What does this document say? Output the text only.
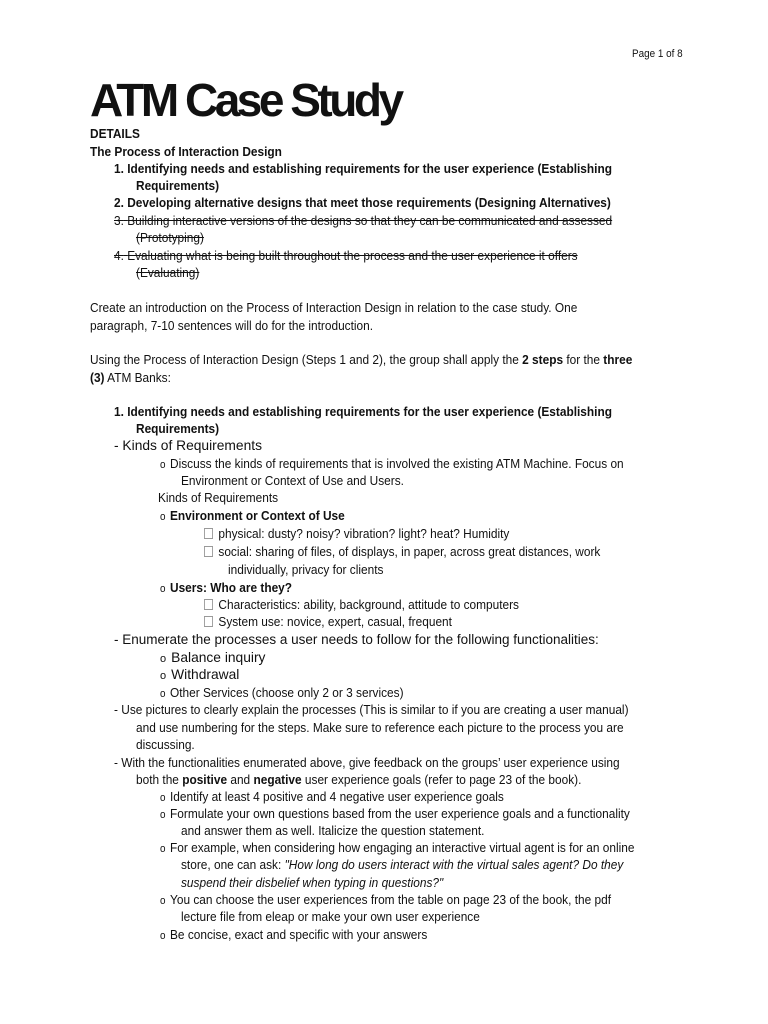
Page 1 of 8
ATM Case Study
DETAILS
The Process of Interaction Design
1. Identifying needs and establishing requirements for the user experience (Establishing
Requirements)
2. Developing alternative designs that meet those requirements (Designing Alternatives)
3. Building interactive versions of the designs so that they can be communicated and assessed
(Prototyping)
4. Evaluating what is being built throughout the process and the user experience it offers
(Evaluating)
Create an introduction on the Process of Interaction Design in relation to the case study. One
paragraph, 7-10 sentences will do for the introduction.
Using the Process of Interaction Design (Steps 1 and 2), the group shall apply the 2 steps for the three
(3) ATM Banks:
1. Identifying needs and establishing requirements for the user experience (Establishing
Requirements)
- Kinds of Requirements
o Discuss the kinds of requirements that is involved the existing ATM Machine. Focus on
Environment or Context of Use and Users.
Kinds of Requirements
o Environment or Context of Use
physical: dusty? noisy? vibration? light? heat? Humidity
social: sharing of files, of displays, in paper, across great distances, work
individually, privacy for clients
o Users: Who are they?
Characteristics: ability, background, attitude to computers
System use: novice, expert, casual, frequent
- Enumerate the processes a user needs to follow for the following functionalities:
o Balance inquiry
o Withdrawal
o Other Services (choose only 2 or 3 services)
- Use pictures to clearly explain the processes (This is similar to if you are creating a user manual)
and use numbering for the steps. Make sure to reference each picture to the process you are
discussing.
- With the functionalities enumerated above, give feedback on the groups’ user experience using
both the positive and negative user experience goals (refer to page 23 of the book).
o Identify at least 4 positive and 4 negative user experience goals
o Formulate your own questions based from the user experience goals and a functionality
and answer them as well. Italicize the question statement.
o For example, when considering how engaging an interactive virtual agent is for an online
store, one can ask: "How long do users interact with the virtual sales agent? Do they
suspend their disbelief when typing in questions?"
o You can choose the user experiences from the table on page 23 of the book, the pdf
lecture file from eleap or make your own user experience
o Be concise, exact and specific with your answers
